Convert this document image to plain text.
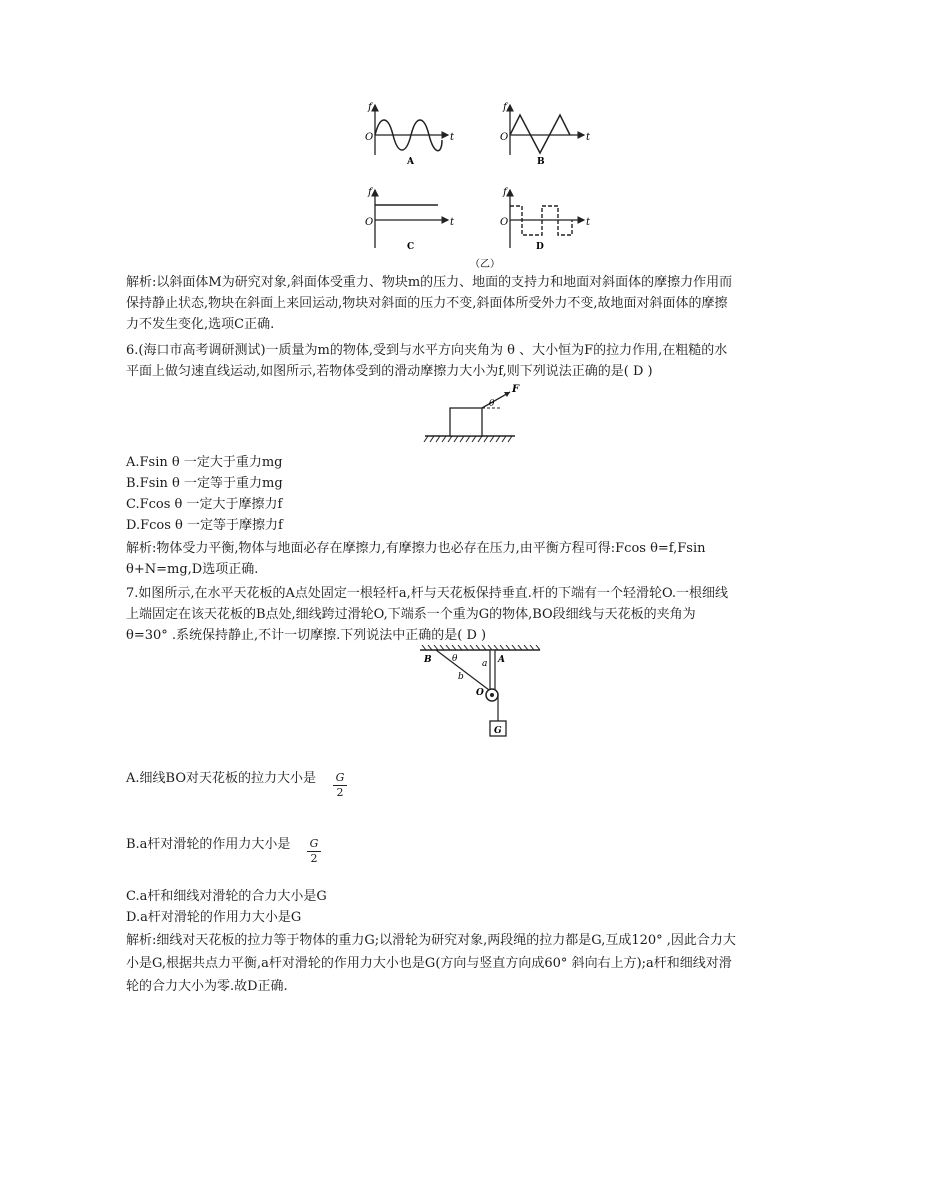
f
t
O
A
f
t
O
B
f
t
O
C
f
t
O
D
（乙）
解析:以斜面体M为研究对象,斜面体受重力、物块m的压力、地面的支持力和地面对斜面体的摩擦力作用而
保持静止状态,物块在斜面上来回运动,物块对斜面的压力不变,斜面体所受外力不变,故地面对斜面体的摩擦
力不发生变化,选项C正确.
6.(海口市高考调研测试)一质量为m的物体,受到与水平方向夹角为 θ 、大小恒为F的拉力作用,在粗糙的水
平面上做匀速直线运动,如图所示,若物体受到的滑动摩擦力大小为f,则下列说法正确的是( D )
F
θ
A.Fsin θ 一定大于重力mg
B.Fsin θ 一定等于重力mg
C.Fcos θ 一定大于摩擦力f
D.Fcos θ 一定等于摩擦力f
解析:物体受力平衡,物体与地面必存在摩擦力,有摩擦力也必存在压力,由平衡方程可得:Fcos θ=f,Fsin
θ+N=mg,D选项正确.
7.如图所示,在水平天花板的A点处固定一根轻杆a,杆与天花板保持垂直.杆的下端有一个轻滑轮O.一根细线
上端固定在该天花板的B点处,细线跨过滑轮O,下端系一个重为G的物体,BO段细线与天花板的夹角为
θ=30° .系统保持静止,不计一切摩擦.下列说法中正确的是( D )
G
B	A
θ	a
b
O
A.细线BO对天花板的拉力大小是 G
2
B.a杆对滑轮的作用力大小是 G
2
C.a杆和细线对滑轮的合力大小是G
D.a杆对滑轮的作用力大小是G
解析:细线对天花板的拉力等于物体的重力G;以滑轮为研究对象,两段绳的拉力都是G,互成120° ,因此合力大
小是G,根据共点力平衡,a杆对滑轮的作用力大小也是G(方向与竖直方向成60° 斜向右上方);a杆和细线对滑
轮的合力大小为零.故D正确.
